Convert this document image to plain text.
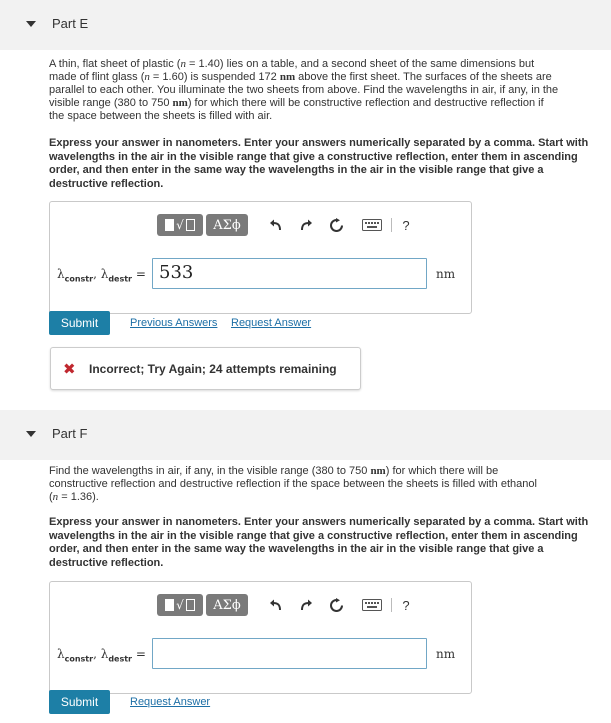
Part E
A thin, flat sheet of plastic (n = 1.40) lies on a table, and a second sheet of the same dimensions but
made of flint glass (n = 1.60) is suspended 172 nm above the first sheet. The surfaces of the sheets are
parallel to each other. You illuminate the two sheets from above. Find the wavelengths in air, if any, in the
visible range (380 to 750 nm) for which there will be constructive reflection and destructive reflection if
the space between the sheets is filled with air.
Express your answer in nanometers. Enter your answers numerically separated by a comma. Start with wavelengths in the air in the visible range that give a constructive reflection, enter them in ascending order, and then enter in the same way the wavelengths in the air in the visible range that give a destructive reflection.
√	AΣϕ	?
$\lambda_{constr}$, $\lambda_{destr} = 533$	nm
Submit	Previous Answers Request Answer
✖ Incorrect; Try Again; 24 attempts remaining
Part F
Find the wavelengths in air, if any, in the visible range (380 to 750 nm) for which there will be
constructive reflection and destructive reflection if the space between the sheets is filled with ethanol
(n = 1.36).
Express your answer in nanometers. Enter your answers numerically separated by a comma. Start with wavelengths in the air in the visible range that give a constructive reflection, enter them in ascending order, and then enter in the same way the wavelengths in the air in the visible range that give a destructive reflection.
√	AΣϕ	?
$\lambda_{constr}$, $\lambda_{destr}$ =	nm
Submit	Request Answer
